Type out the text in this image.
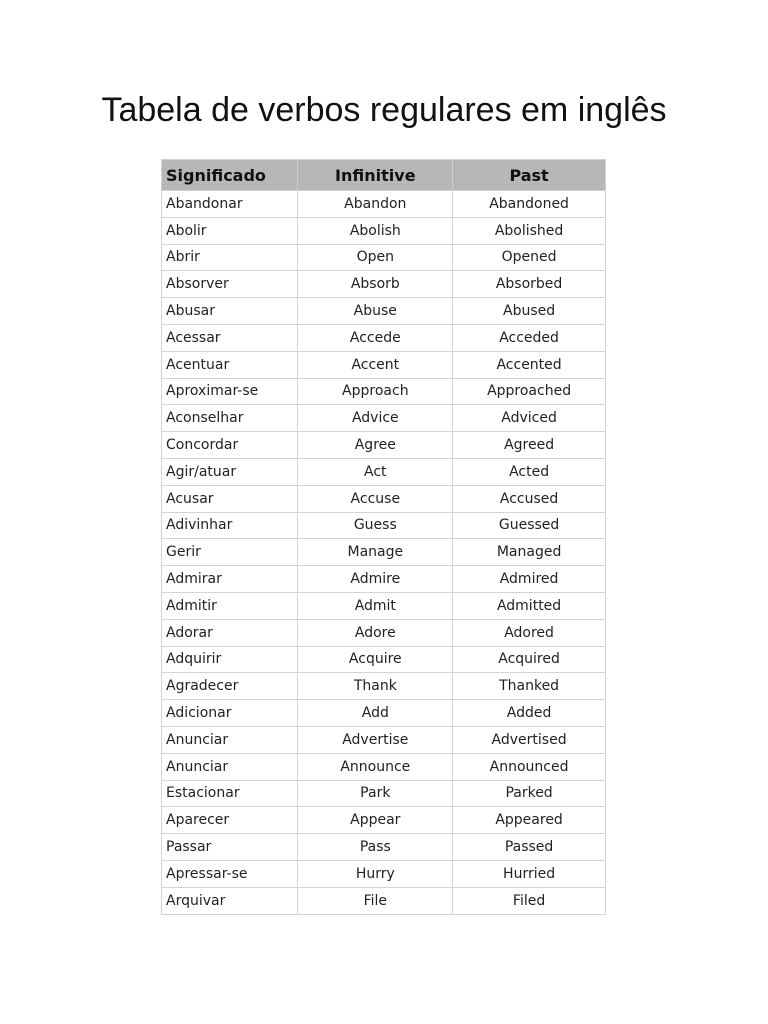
Tabela de verbos regulares em inglês
Significado	Infinitive	Past
Abandonar	Abandon	Abandoned
Abolir	Abolish	Abolished
Abrir	Open	Opened
Absorver	Absorb	Absorbed
Abusar	Abuse	Abused
Acessar	Accede	Acceded
Acentuar	Accent	Accented
Aproximar-se	Approach	Approached
Aconselhar	Advice	Adviced
Concordar	Agree	Agreed
Agir/atuar	Act	Acted
Acusar	Accuse	Accused
Adivinhar	Guess	Guessed
Gerir	Manage	Managed
Admirar	Admire	Admired
Admitir	Admit	Admitted
Adorar	Adore	Adored
Adquirir	Acquire	Acquired
Agradecer	Thank	Thanked
Adicionar	Add	Added
Anunciar	Advertise	Advertised
Anunciar	Announce	Announced
Estacionar	Park	Parked
Aparecer	Appear	Appeared
Passar	Pass	Passed
Apressar-se	Hurry	Hurried
Arquivar	File	Filed
